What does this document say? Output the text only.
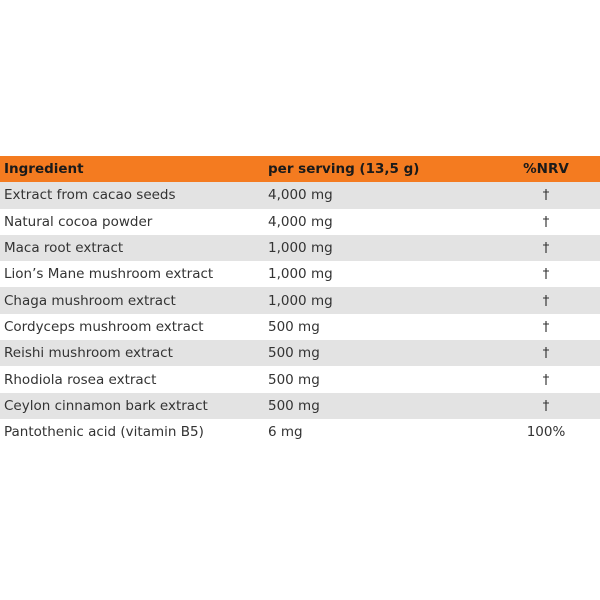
Ingredient	per serving (13,5 g)	%NRV
Extract from cacao seeds	4,000 mg	†
Natural cocoa powder	4,000 mg	†
Maca root extract	1,000 mg	†
Lion’s Mane mushroom extract	1,000 mg	†
Chaga mushroom extract	1,000 mg	†
Cordyceps mushroom extract	500 mg	†
Reishi mushroom extract	500 mg	†
Rhodiola rosea extract	500 mg	†
Ceylon cinnamon bark extract	500 mg	†
Pantothenic acid (vitamin B5)	6 mg	100%
